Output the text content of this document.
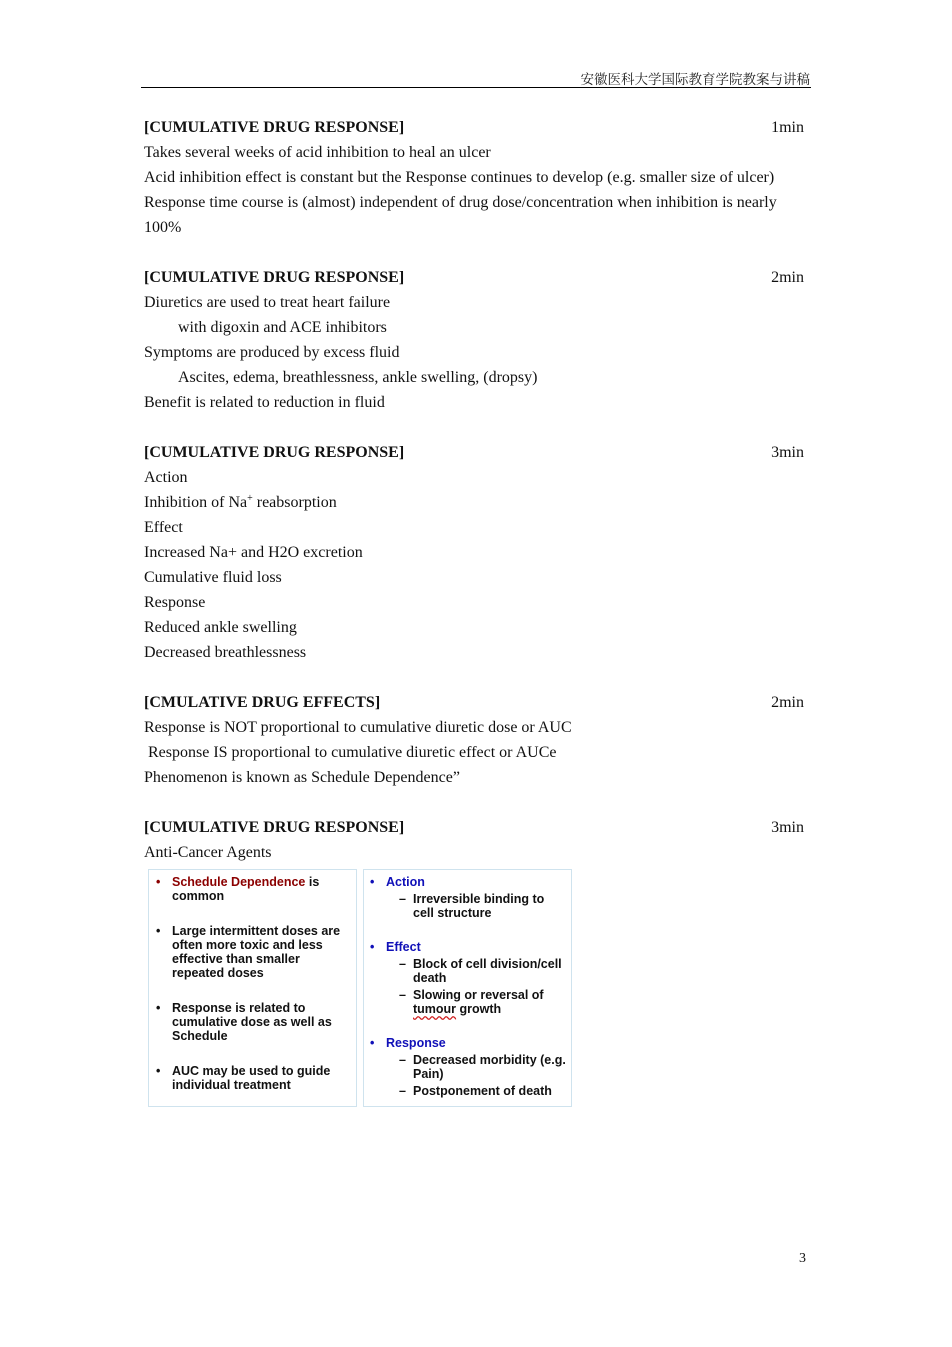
安徽医科大学国际教育学院教案与讲稿
[CUMULATIVE DRUG RESPONSE]	1min
Takes several weeks of acid inhibition to heal an ulcer
Acid inhibition effect is constant but the Response continues to develop (e.g. smaller size of ulcer)
Response time course is (almost) independent of drug dose/concentration when inhibition is nearly 100%
[CUMULATIVE DRUG RESPONSE]	2min
Diuretics are used to treat heart failure
with digoxin and ACE inhibitors
Symptoms are produced by excess fluid
Ascites, edema, breathlessness, ankle swelling, (dropsy)
Benefit is related to reduction in fluid
[CUMULATIVE DRUG RESPONSE]	3min
Action
Inhibition of Na+ reabsorption
Effect
Increased Na+ and H2O excretion
Cumulative fluid loss
Response
Reduced ankle swelling
Decreased breathlessness
[CMULATIVE DRUG EFFECTS]	2min
Response is NOT proportional to cumulative diuretic dose or AUC
Response IS proportional to cumulative diuretic effect or AUCe
Phenomenon is known as Schedule Dependence”
[CUMULATIVE DRUG RESPONSE]	3min
Anti-Cancer Agents
• Schedule Dependence is
common
• Large intermittent doses are often more toxic and less effective than smaller repeated doses
• Response is related to cumulative dose as well as Schedule
• AUC may be used to guide individual treatment
• Action
– Irreversible binding to cell structure
• Effect
– Block of cell division/cell death
– Slowing or reversal of
tumour growth
• Response
– Decreased morbidity (e.g. Pain)
– Postponement of death
3
